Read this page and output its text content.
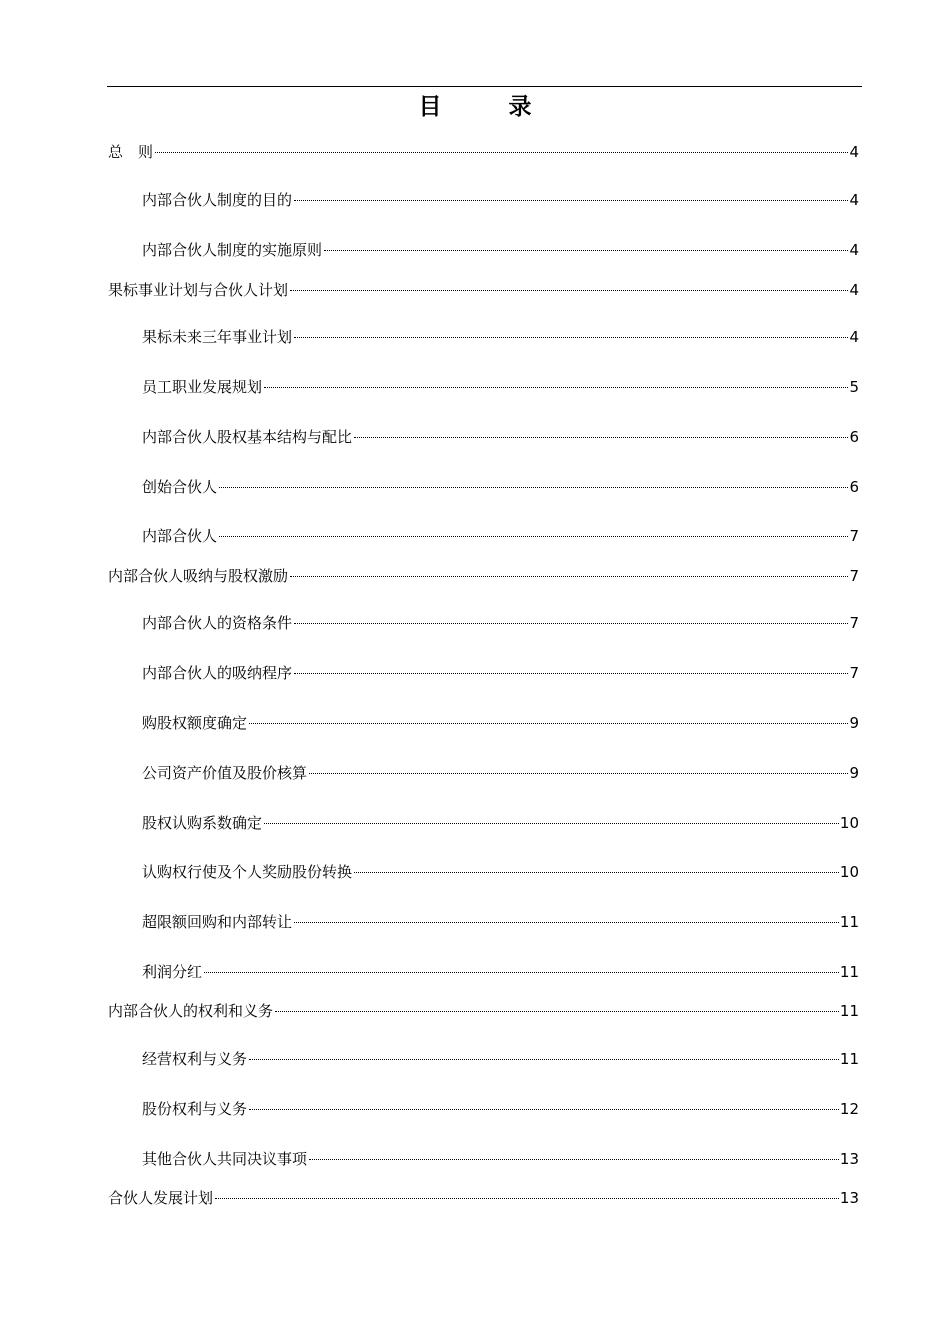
目　录
总　则	4
内部合伙人制度的目的	4
内部合伙人制度的实施原则	4
果标事业计划与合伙人计划	4
果标未来三年事业计划	4
员工职业发展规划	5
内部合伙人股权基本结构与配比	6
创始合伙人	6
内部合伙人	7
内部合伙人吸纳与股权激励	7
内部合伙人的资格条件	7
内部合伙人的吸纳程序	7
购股权额度确定	9
公司资产价值及股价核算	9
股权认购系数确定	10
认购权行使及个人奖励股份转换	10
超限额回购和内部转让	11
利润分红	11
内部合伙人的权利和义务	11
经营权利与义务	11
股份权利与义务	12
其他合伙人共同决议事项	13
合伙人发展计划	13
